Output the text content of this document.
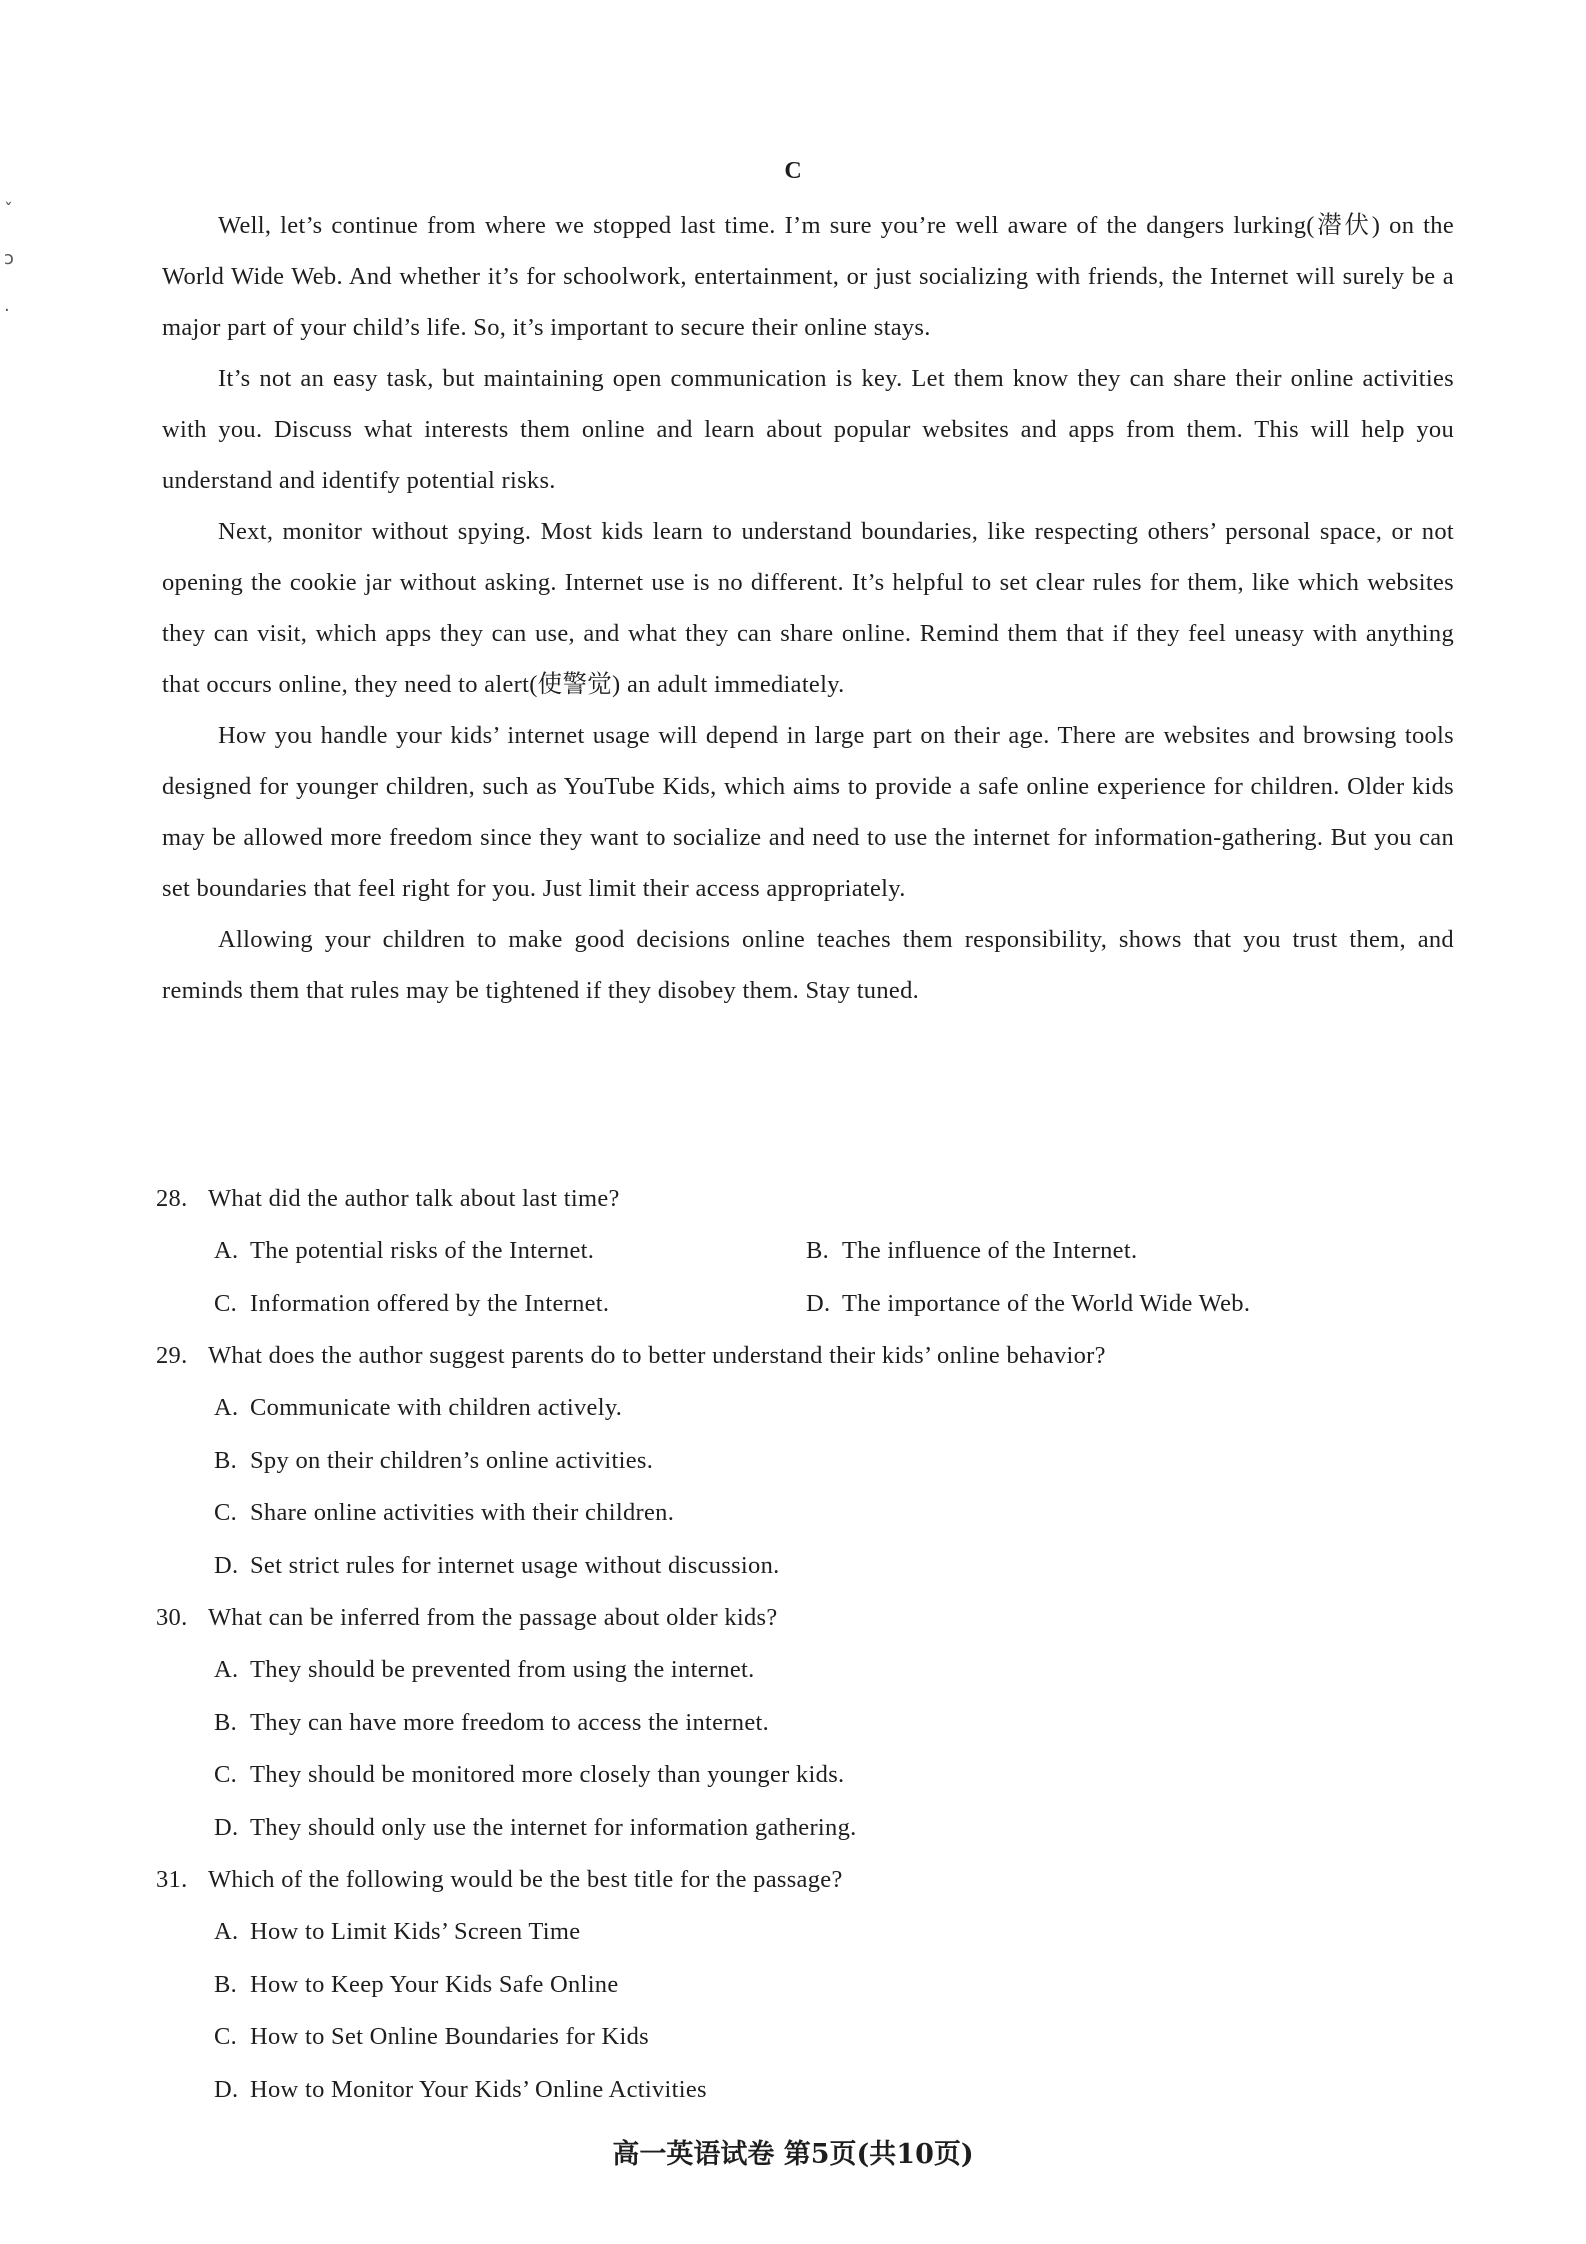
ˇ
ɔ
·
C

Well, let’s continue from where we stopped last time. I’m sure you’re well aware of the dangers lurking(潜伏) on the World Wide Web. And whether it’s for schoolwork, entertainment, or just socializing with friends, the Internet will surely be a major part of your child’s life. So, it’s important to secure their online stays.

It’s not an easy task, but maintaining open communication is key. Let them know they can share their online activities with you. Discuss what interests them online and learn about popular websites and apps from them. This will help you understand and identify potential risks.

Next, monitor without spying. Most kids learn to understand boundaries, like respecting others’ personal space, or not opening the cookie jar without asking. Internet use is no different. It’s helpful to set clear rules for them, like which websites they can visit, which apps they can use, and what they can share online. Remind them that if they feel uneasy with anything that occurs online, they need to alert(使警觉) an adult immediately.

How you handle your kids’ internet usage will depend in large part on their age. There are websites and browsing tools designed for younger children, such as YouTube Kids, which aims to provide a safe online experience for children. Older kids may be allowed more freedom since they want to socialize and need to use the internet for information-gathering. But you can set boundaries that feel right for you. Just limit their access appropriately.

Allowing your children to make good decisions online teaches them responsibility, shows that you trust them, and reminds them that rules may be tightened if they disobey them. Stay tuned.

28. What did the author talk about last time?
A. The potential risks of the Internet.	B. The influence of the Internet.
C. Information offered by the Internet.	D. The importance of the World Wide Web.
29. What does the author suggest parents do to better understand their kids’ online behavior?
A. Communicate with children actively.
B. Spy on their children’s online activities.
C. Share online activities with their children.
D. Set strict rules for internet usage without discussion.
30. What can be inferred from the passage about older kids?
A. They should be prevented from using the internet.
B. They can have more freedom to access the internet.
C. They should be monitored more closely than younger kids.
D. They should only use the internet for information gathering.
31. Which of the following would be the best title for the passage?
A. How to Limit Kids’ Screen Time
B. How to Keep Your Kids Safe Online
C. How to Set Online Boundaries for Kids
D. How to Monitor Your Kids’ Online Activities
高一英语试卷 第5页(共10页)
